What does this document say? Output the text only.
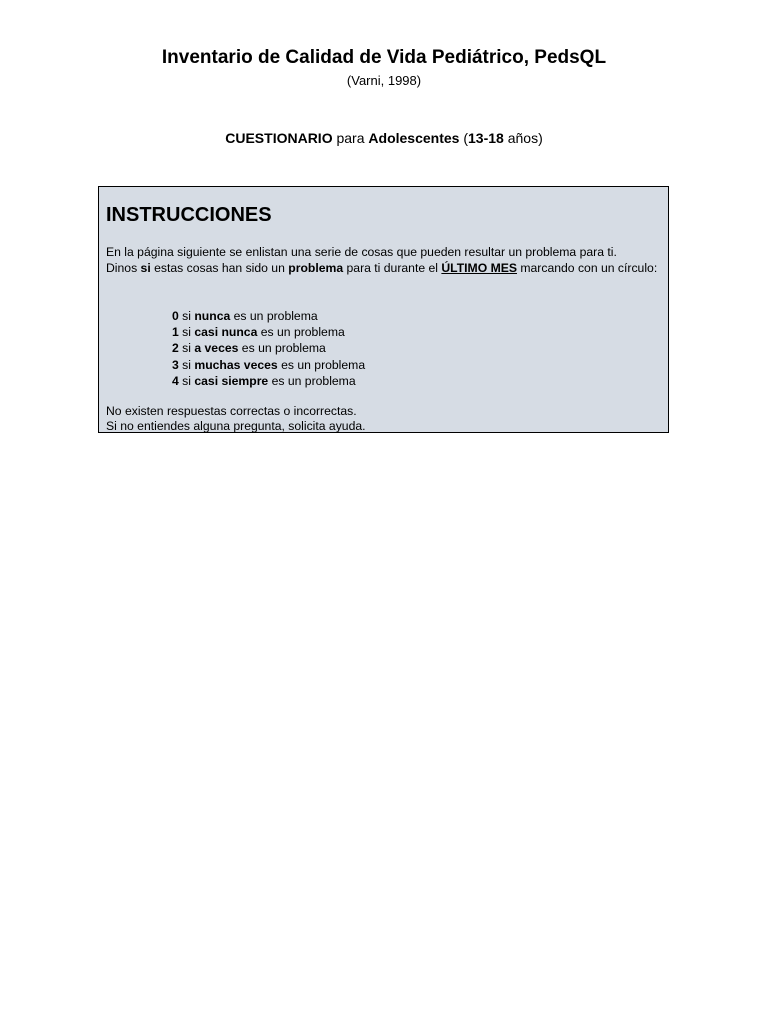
Inventario de Calidad de Vida Pediátrico, PedsQL
(Varni, 1998)
CUESTIONARIO para Adolescentes (13-18 años)
INSTRUCCIONES
En la página siguiente se enlistan una serie de cosas que pueden resultar un problema para ti.
Dinos si estas cosas han sido un problema para ti durante el ÚLTIMO MES marcando con un círculo:
0 si nunca es un problema
1 si casi nunca es un problema
2 si a veces es un problema
3 si muchas veces es un problema
4 si casi siempre es un problema
No existen respuestas correctas o incorrectas.
Si no entiendes alguna pregunta, solicita ayuda.
